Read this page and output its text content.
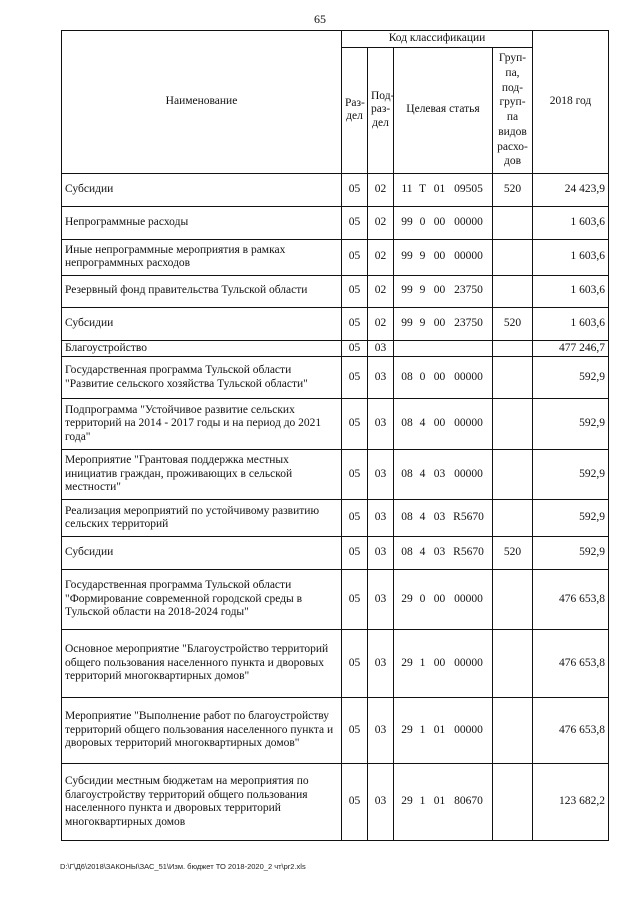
65
Наименование	Код классификации				2018 год
	Раз-дел	Под-раз-дел	Целевая статья	Груп-па, под-груп-па видов расхо-дов	
Субсидии	05	02	11 Т 01 09505	520	24 423,9
Непрограммные расходы	05	02	99 0 00 00000		1 603,6
Иные непрограммные мероприятия в рамках непрограммных расходов	05	02	99 9 00 00000		1 603,6
Резервный фонд правительства Тульской области	05	02	99 9 00 23750		1 603,6
Субсидии	05	02	99 9 00 23750	520	1 603,6
Благоустройство	05	03			477 246,7
Государственная программа Тульской области "Развитие сельского хозяйства Тульской области"	05	03	08 0 00 00000		592,9
Подпрограмма "Устойчивое развитие сельских территорий на 2014 - 2017 годы и на период до 2021 года"	05	03	08 4 00 00000		592,9
Мероприятие "Грантовая поддержка местных инициатив граждан, проживающих в сельской местности"	05	03	08 4 03 00000		592,9
Реализация мероприятий по устойчивому развитию сельских территорий	05	03	08 4 03 R5670		592,9
Субсидии	05	03	08 4 03 R5670	520	592,9
Государственная программа Тульской области "Формирование современной городской среды в Тульской области на 2018-2024 годы"	05	03	29 0 00 00000		476 653,8
Основное мероприятие "Благоустройство территорий общего пользования населенного пункта и дворовых территорий многоквартирных домов"	05	03	29 1 00 00000		476 653,8
Мероприятие "Выполнение работ по благоустройству территорий общего пользования населенного пункта и дворовых территорий многоквартирных домов"	05	03	29 1 01 00000		476 653,8
Субсидии местным бюджетам на мероприятия по благоустройству территорий общего пользования населенного пункта и дворовых территорий многоквартирных домов	05	03	29 1 01 80670		123 682,2
D:\Г\Д6\2018\ЗАКОНЫ\ЗАС_51\Изм. бюджет ТО 2018-2020_2 чт\pr2.xls
